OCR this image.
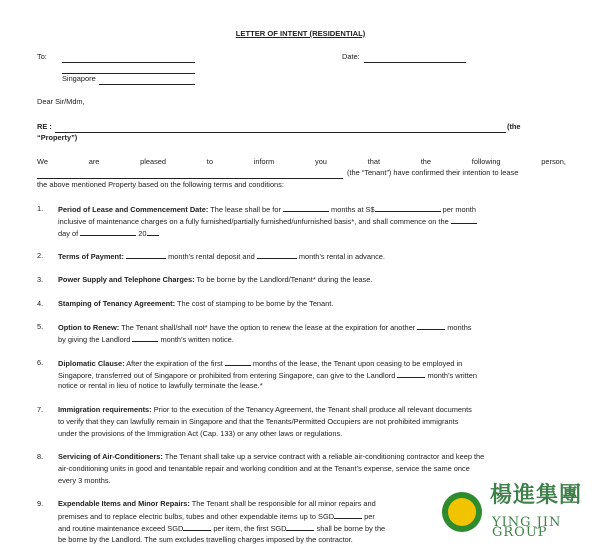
LETTER OF INTENT (RESIDENTIAL)
To:	Date:
Singapore
Dear Sir/Mdm,
RE :	(the
“Property”)
We	are	pleased	to	inform	you	that	the	following	person,
(the “Tenant”) have confirmed their intention to lease
the above mentioned Property based on the following terms and conditions:
1. Period of Lease and Commencement Date: The lease shall be for	months at S$	per month
inclusive of maintenance charges on a fully furnished/partially furnished/unfurnished basis*, and shall commence on the
day of	20
2. Terms of Payment:	month’s rental deposit and	month’s rental in advance.
3. Power Supply and Telephone Charges: To be borne by the Landlord/Tenant* during the lease.
4. Stamping of Tenancy Agreement: The cost of stamping to be borne by the Tenant.
5. Option to Renew: The Tenant shall/shall not* have the option to renew the lease at the expiration for another	months
by giving the Landlord	month’s written notice.
6. Diplomatic Clause: After the expiration of the first	months of the lease, the Tenant upon ceasing to be employed in
Singapore, transferred out of Singapore or prohibited from entering Singapore, can give to the Landlord	month’s written
notice or rental in lieu of notice to lawfully terminate the lease.*
7. Immigration requirements: Prior to the execution of the Tenancy Agreement, the Tenant shall produce all relevant documents
to verify that they can lawfully remain in Singapore and that the Tenants/Permitted Occupiers are not prohibited immigrants
under the provisions of the Immigration Act (Cap. 133) or any other laws or regulations.
8. Servicing of Air-Conditioners: The Tenant shall take up a service contract with a reliable air-conditioning contractor and keep the
air-conditioning units in good and tenantable repair and working condition and at the Tenant’s expense, service the same once
every 3 months.
9. Expendable Items and Minor Repairs: The Tenant shall be responsible for all minor repairs and
premises and to replace electric bulbs, tubes and other expendable items up to SGD	per
and routine maintenance exceed SGD	per item, the first SGD	shall be borne by the
be borne by the Landlord. The sum excludes travelling charges imposed by the contractor.
楊進集團
YING JIN GROUP
